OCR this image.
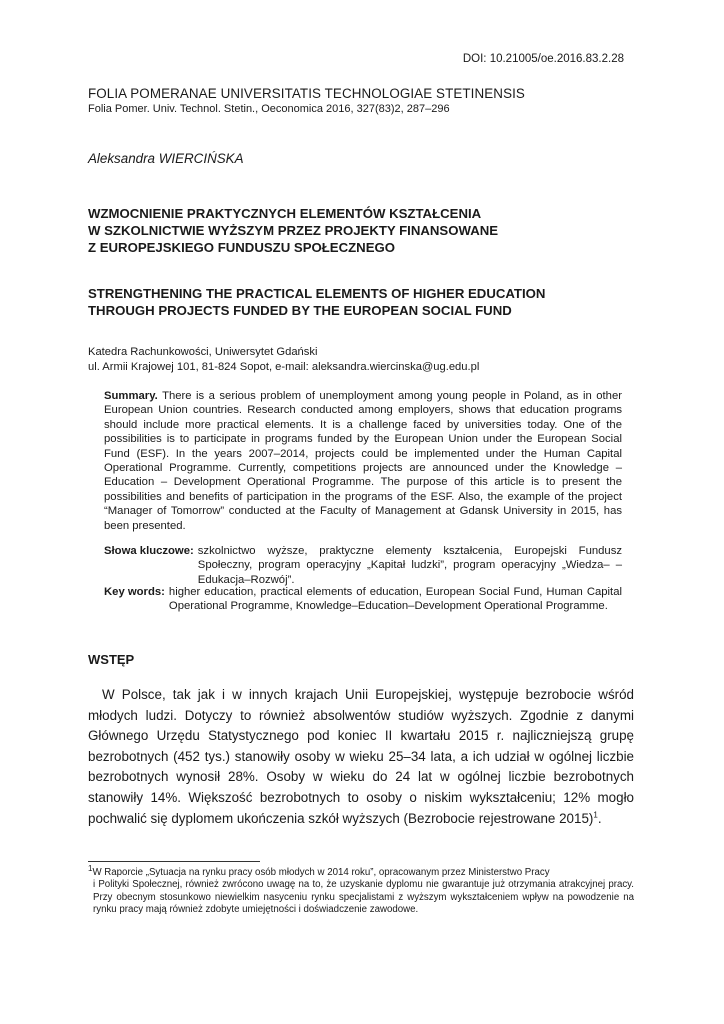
DOI: 10.21005/oe.2016.83.2.28
FOLIA POMERANAE UNIVERSITATIS TECHNOLOGIAE STETINENSIS
Folia Pomer. Univ. Technol. Stetin., Oeconomica 2016, 327(83)2, 287–296
Aleksandra WIERCIŃSKA
WZMOCNIENIE PRAKTYCZNYCH ELEMENTÓW KSZTAŁCENIA
W SZKOLNICTWIE WYŻSZYM PRZEZ PROJEKTY FINANSOWANE
Z EUROPEJSKIEGO FUNDUSZU SPOŁECZNEGO
STRENGTHENING THE PRACTICAL ELEMENTS OF HIGHER EDUCATION
THROUGH PROJECTS FUNDED BY THE EUROPEAN SOCIAL FUND
Katedra Rachunkowości, Uniwersytet Gdański
ul. Armii Krajowej 101, 81-824 Sopot, e-mail: aleksandra.wiercinska@ug.edu.pl
Summary. There is a serious problem of unemployment among young people in Poland, as in other European Union countries. Research conducted among employers, shows that education programs should include more practical elements. It is a challenge faced by universities today. One of the possibilities is to participate in programs funded by the European Union under the European Social Fund (ESF). In the years 2007–2014, projects could be implemented under the Human Capital Operational Programme. Currently, competitions projects are announced under the Knowledge – Education – Development Operational Programme. The purpose of this article is to present the possibilities and benefits of participation in the programs of the ESF. Also, the example of the project “Manager of Tomorrow” conducted at the Faculty of Management at Gdansk University in 2015, has been presented.
Słowa kluczowe: szkolnictwo wyższe, praktyczne elementy kształcenia, Europejski Fundusz Społeczny, program operacyjny „Kapitał ludzki”, program operacyjny „Wiedza– –Edukacja–Rozwój”.
Key words: higher education, practical elements of education, European Social Fund, Human Capital Operational Programme, Knowledge–Education–Development Operational Programme.
WSTĘP
W Polsce, tak jak i w innych krajach Unii Europejskiej, występuje bezrobocie wśród młodych ludzi. Dotyczy to również absolwentów studiów wyższych. Zgodnie z danymi Głównego Urzędu Statystycznego pod koniec II kwartału 2015 r. najliczniejszą grupę bezrobotnych (452 tys.) stanowiły osoby w wieku 25–34 lata, a ich udział w ogólnej liczbie bezrobotnych wynosił 28%. Osoby w wieku do 24 lat w ogólnej liczbie bezrobotnych stanowiły 14%. Większość bezrobotnych to osoby o niskim wykształceniu; 12% mogło pochwalić się dyplomem ukończenia szkół wyższych (Bezrobocie rejestrowane 2015)$^1$.
$^1$W Raporcie „Sytuacja na rynku pracy osób młodych w 2014 roku”, opracowanym przez Ministerstwo Pracy
i Polityki Społecznej, również zwrócono uwagę na to, że uzyskanie dyplomu nie gwarantuje już otrzymania atrakcyjnej pracy. Przy obecnym stosunkowo niewielkim nasyceniu rynku specjalistami z wyższym wykształceniem wpływ na powodzenie na rynku pracy mają również zdobyte umiejętności i doświadczenie zawodowe.
